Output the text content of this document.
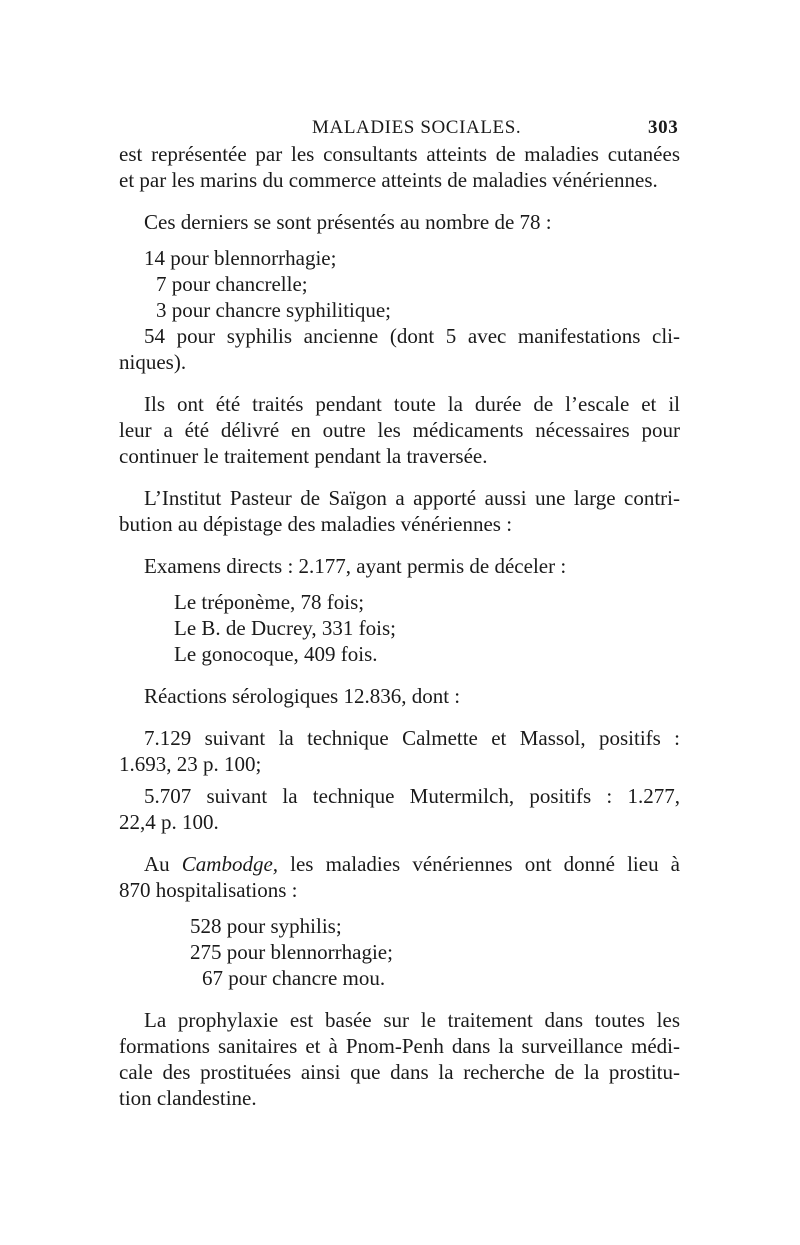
MALADIES SOCIALES.	303
est représentée par les consultants atteints de maladies cutanées
et par les marins du commerce atteints de maladies vénériennes.
Ces derniers se sont présentés au nombre de 78 :
14 pour blennorrhagie;
7 pour chancrelle;
3 pour chancre syphilitique;
54 pour syphilis ancienne (dont 5 avec manifestations cli-
niques).
Ils ont été traités pendant toute la durée de l’escale et il
leur a été délivré en outre les médicaments nécessaires pour
continuer le traitement pendant la traversée.
L’Institut Pasteur de Saïgon a apporté aussi une large contri-
bution au dépistage des maladies vénériennes :
Examens directs : 2.177, ayant permis de déceler :
Le tréponème, 78 fois;
Le B. de Ducrey, 331 fois;
Le gonocoque, 409 fois.
Réactions sérologiques 12.836, dont :
7.129 suivant la technique Calmette et Massol, positifs :
1.693, 23 p. 100;
5.707 suivant la technique Mutermilch, positifs : 1.277,
22,4 p. 100.
Au Cambodge, les maladies vénériennes ont donné lieu à
870 hospitalisations :
528 pour syphilis;
275 pour blennorrhagie;
67 pour chancre mou.
La prophylaxie est basée sur le traitement dans toutes les
formations sanitaires et à Pnom-Penh dans la surveillance médi-
cale des prostituées ainsi que dans la recherche de la prostitu-
tion clandestine.
